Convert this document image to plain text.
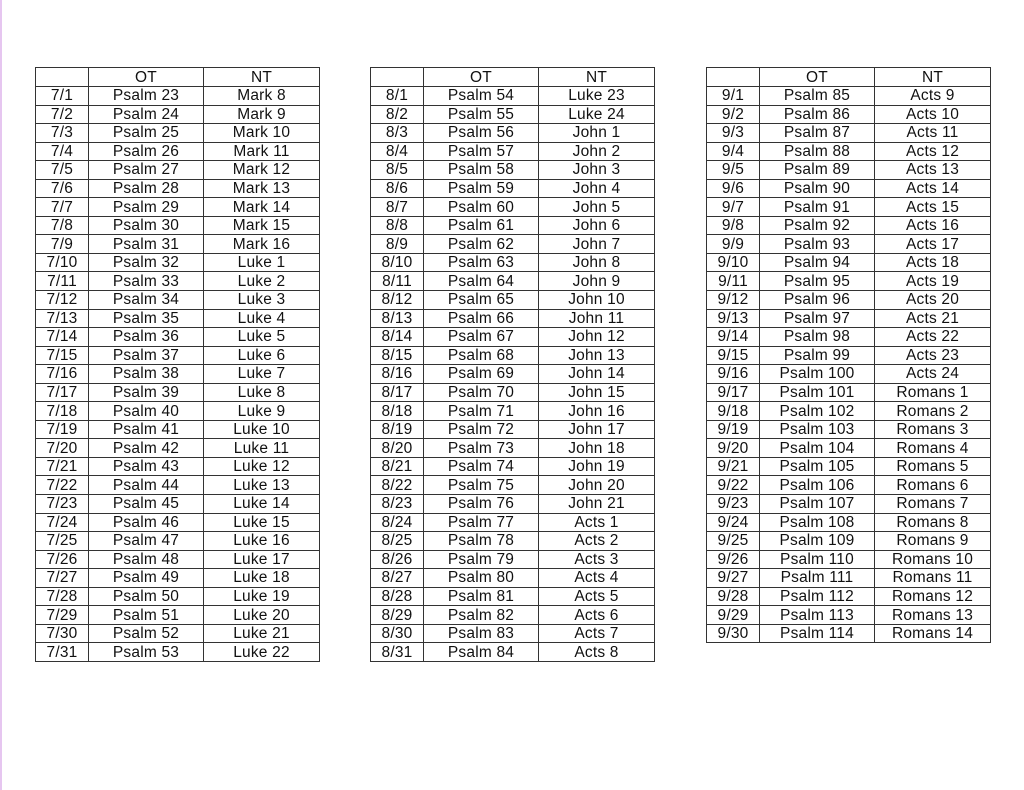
	OT	NT
7/1	Psalm 23	Mark 8
7/2	Psalm 24	Mark 9
7/3	Psalm 25	Mark 10
7/4	Psalm 26	Mark 11
7/5	Psalm 27	Mark 12
7/6	Psalm 28	Mark 13
7/7	Psalm 29	Mark 14
7/8	Psalm 30	Mark 15
7/9	Psalm 31	Mark 16
7/10	Psalm 32	Luke 1
7/11	Psalm 33	Luke 2
7/12	Psalm 34	Luke 3
7/13	Psalm 35	Luke 4
7/14	Psalm 36	Luke 5
7/15	Psalm 37	Luke 6
7/16	Psalm 38	Luke 7
7/17	Psalm 39	Luke 8
7/18	Psalm 40	Luke 9
7/19	Psalm 41	Luke 10
7/20	Psalm 42	Luke 11
7/21	Psalm 43	Luke 12
7/22	Psalm 44	Luke 13
7/23	Psalm 45	Luke 14
7/24	Psalm 46	Luke 15
7/25	Psalm 47	Luke 16
7/26	Psalm 48	Luke 17
7/27	Psalm 49	Luke 18
7/28	Psalm 50	Luke 19
7/29	Psalm 51	Luke 20
7/30	Psalm 52	Luke 21
7/31	Psalm 53	Luke 22
	OT	NT
8/1	Psalm 54	Luke 23
8/2	Psalm 55	Luke 24
8/3	Psalm 56	John 1
8/4	Psalm 57	John 2
8/5	Psalm 58	John 3
8/6	Psalm 59	John 4
8/7	Psalm 60	John 5
8/8	Psalm 61	John 6
8/9	Psalm 62	John 7
8/10	Psalm 63	John 8
8/11	Psalm 64	John 9
8/12	Psalm 65	John 10
8/13	Psalm 66	John 11
8/14	Psalm 67	John 12
8/15	Psalm 68	John 13
8/16	Psalm 69	John 14
8/17	Psalm 70	John 15
8/18	Psalm 71	John 16
8/19	Psalm 72	John 17
8/20	Psalm 73	John 18
8/21	Psalm 74	John 19
8/22	Psalm 75	John 20
8/23	Psalm 76	John 21
8/24	Psalm 77	Acts 1
8/25	Psalm 78	Acts 2
8/26	Psalm 79	Acts 3
8/27	Psalm 80	Acts 4
8/28	Psalm 81	Acts 5
8/29	Psalm 82	Acts 6
8/30	Psalm 83	Acts 7
8/31	Psalm 84	Acts 8
	OT	NT
9/1	Psalm 85	Acts 9
9/2	Psalm 86	Acts 10
9/3	Psalm 87	Acts 11
9/4	Psalm 88	Acts 12
9/5	Psalm 89	Acts 13
9/6	Psalm 90	Acts 14
9/7	Psalm 91	Acts 15
9/8	Psalm 92	Acts 16
9/9	Psalm 93	Acts 17
9/10	Psalm 94	Acts 18
9/11	Psalm 95	Acts 19
9/12	Psalm 96	Acts 20
9/13	Psalm 97	Acts 21
9/14	Psalm 98	Acts 22
9/15	Psalm 99	Acts 23
9/16	Psalm 100	Acts 24
9/17	Psalm 101	Romans 1
9/18	Psalm 102	Romans 2
9/19	Psalm 103	Romans 3
9/20	Psalm 104	Romans 4
9/21	Psalm 105	Romans 5
9/22	Psalm 106	Romans 6
9/23	Psalm 107	Romans 7
9/24	Psalm 108	Romans 8
9/25	Psalm 109	Romans 9
9/26	Psalm 110	Romans 10
9/27	Psalm 111	Romans 11
9/28	Psalm 112	Romans 12
9/29	Psalm 113	Romans 13
9/30	Psalm 114	Romans 14
